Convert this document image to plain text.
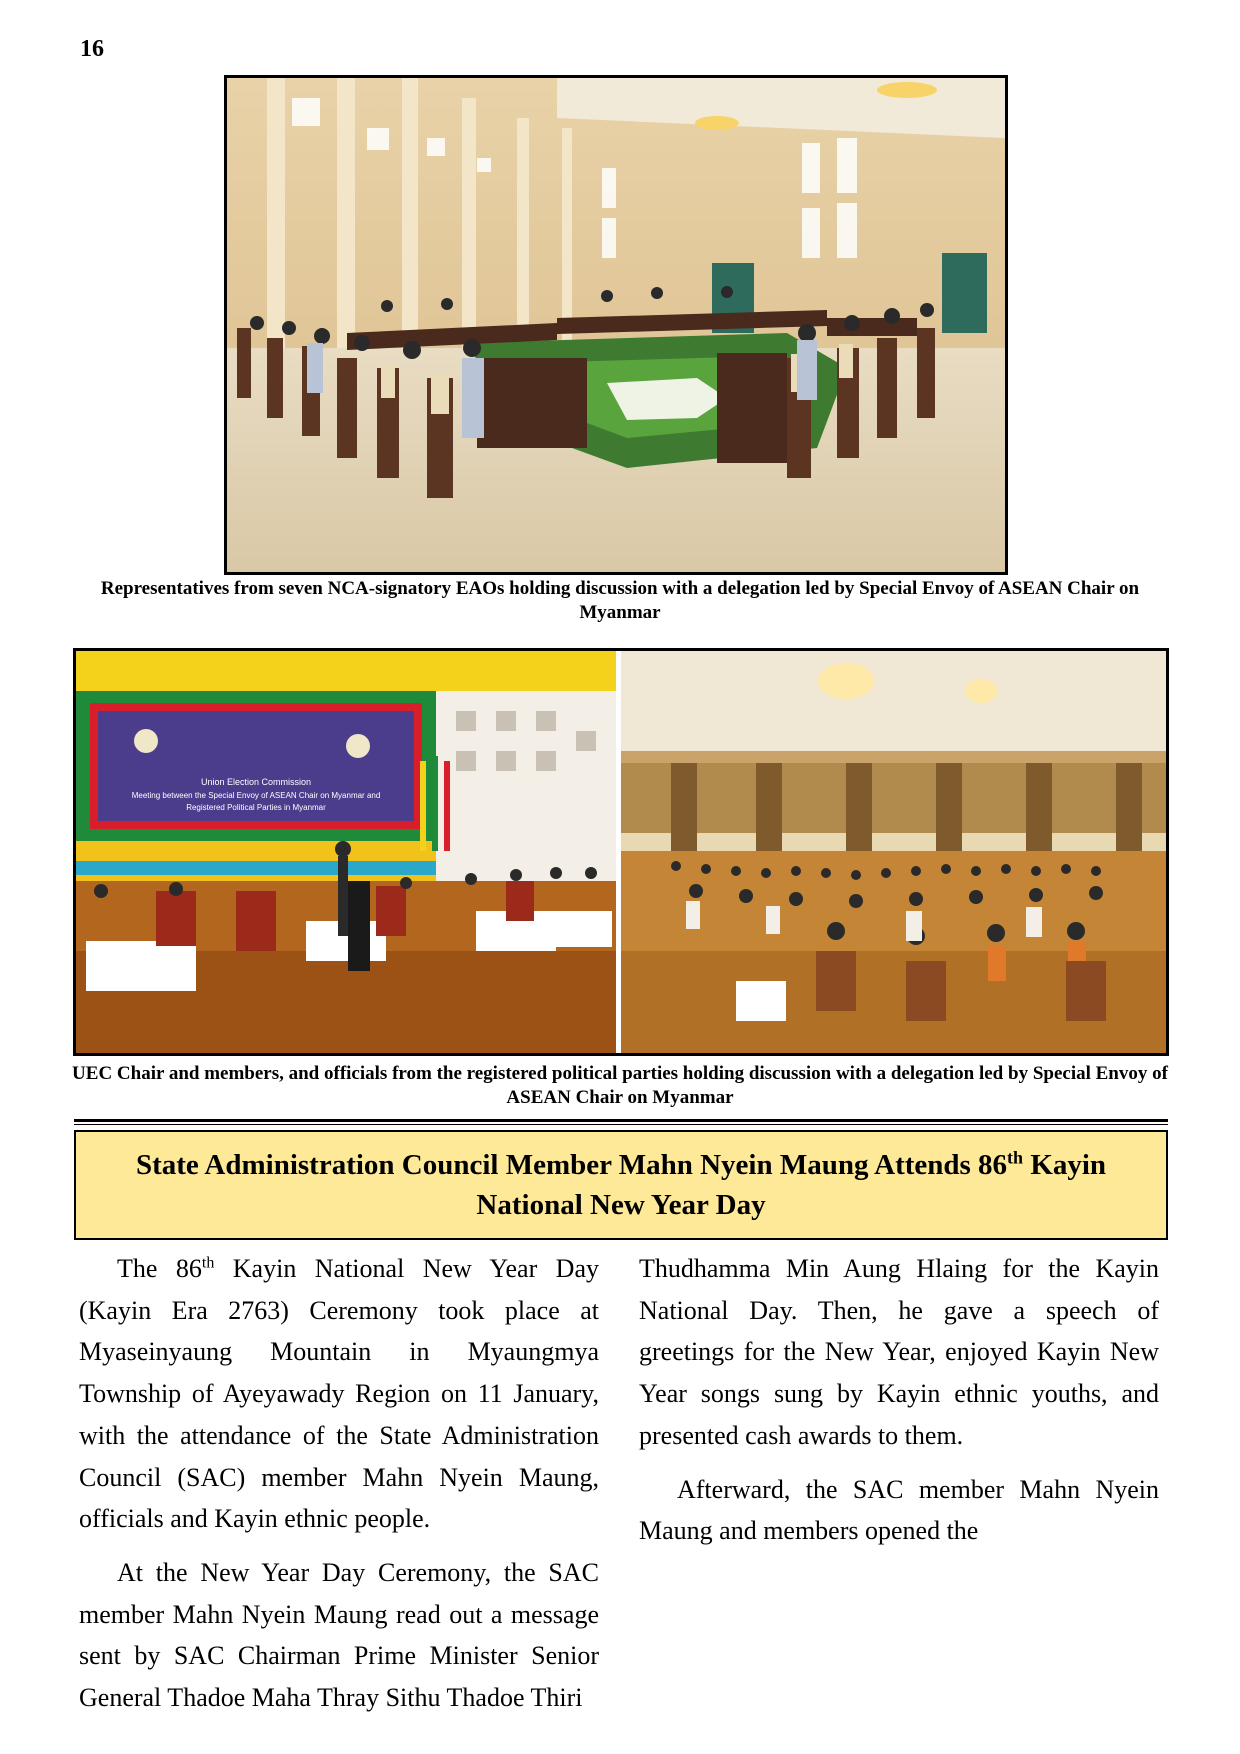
16
Representatives from seven NCA-signatory EAOs holding discussion with a delegation led by Special Envoy of ASEAN Chair on Myanmar
Union Election Commission
Meeting between the Special Envoy of ASEAN Chair on Myanmar and
Registered Political Parties in Myanmar
UEC Chair and members, and officials from the registered political parties holding discussion with a delegation led by Special Envoy of ASEAN Chair on Myanmar
State Administration Council Member Mahn Nyein Maung Attends 86th Kayin National New Year Day

The 86th Kayin National New Year Day (Kayin Era 2763) Ceremony took place at Myaseinyaung Mountain in Myaungmya Township of Ayeyawady Region on 11 January, with the attendance of the State Administration Council (SAC) member Mahn Nyein Maung, officials and Kayin ethnic people.

At the New Year Day Ceremony, the SAC member Mahn Nyein Maung read out a message sent by SAC Chairman Prime Minister Senior General Thadoe Maha Thray Sithu Thadoe Thiri

Thudhamma Min Aung Hlaing for the Kayin National Day. Then, he gave a speech of greetings for the New Year, enjoyed Kayin New Year songs sung by Kayin ethnic youths, and presented cash awards to them.

Afterward, the SAC member Mahn Nyein Maung and members opened the
